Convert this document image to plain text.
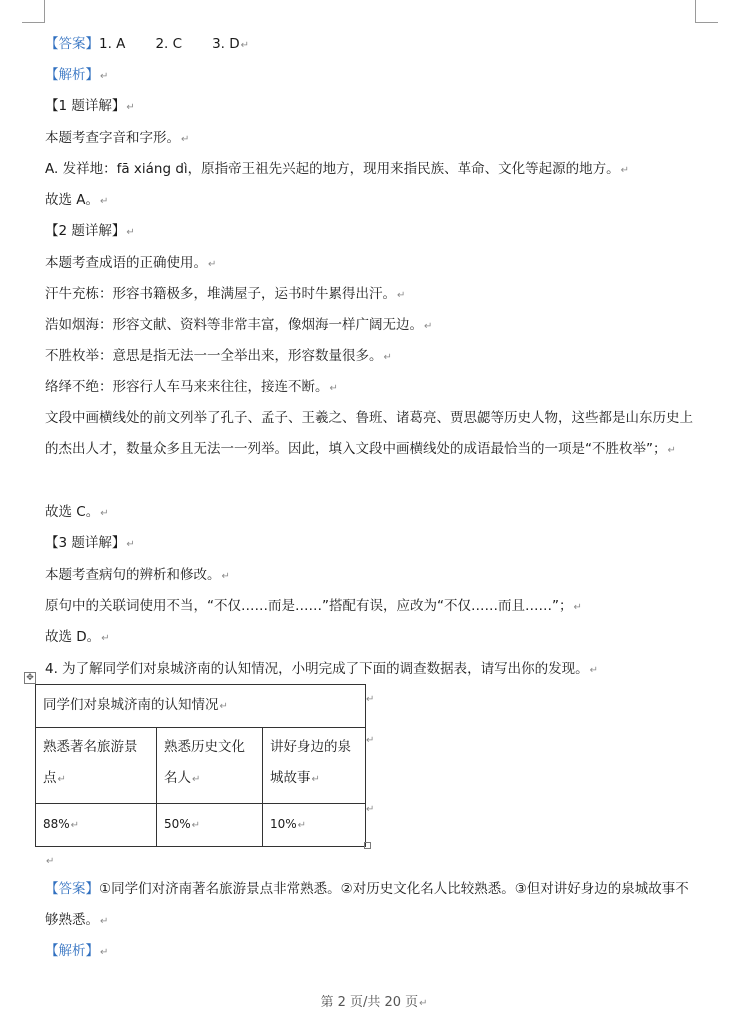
【答案】1. A       2. C       3. D↵
【解析】↵
【1 题详解】↵
本题考查字音和字形。↵
A. 发祥地：fā xiáng dì，原指帝王祖先兴起的地方，现用来指民族、革命、文化等起源的地方。↵
故选 A。↵
【2 题详解】↵
本题考查成语的正确使用。↵
汗牛充栋：形容书籍极多，堆满屋子，运书时牛累得出汗。↵
浩如烟海：形容文献、资料等非常丰富，像烟海一样广阔无边。↵
不胜枚举：意思是指无法一一全举出来，形容数量很多。↵
络绎不绝：形容行人车马来来往往，接连不断。↵
文段中画横线处的前文列举了孔子、孟子、王羲之、鲁班、诸葛亮、贾思勰等历史人物，这些都是山东历史上的杰出人才，数量众多且无法一一列举。因此，填入文段中画横线处的成语最恰当的一项是“不胜枚举”；↵
故选 C。↵
【3 题详解】↵
本题考查病句的辨析和修改。↵
原句中的关联词使用不当，“不仅……而是……”搭配有误，应改为“不仅……而且……”；↵
故选 D。↵
4. 为了解同学们对泉城济南的认知情况，小明完成了下面的调查数据表，请写出你的发现。↵
✥
同学们对泉城济南的认知情况↵		
熟悉著名旅游景点↵	熟悉历史文化名人↵	讲好身边的泉城故事↵
88%↵	50%↵	10%↵
↵
↵
↵
↵
【答案】①同学们对济南著名旅游景点非常熟悉。②对历史文化名人比较熟悉。③但对讲好身边的泉城故事不够熟悉。↵
【解析】↵
第 2 页/共 20 页↵
